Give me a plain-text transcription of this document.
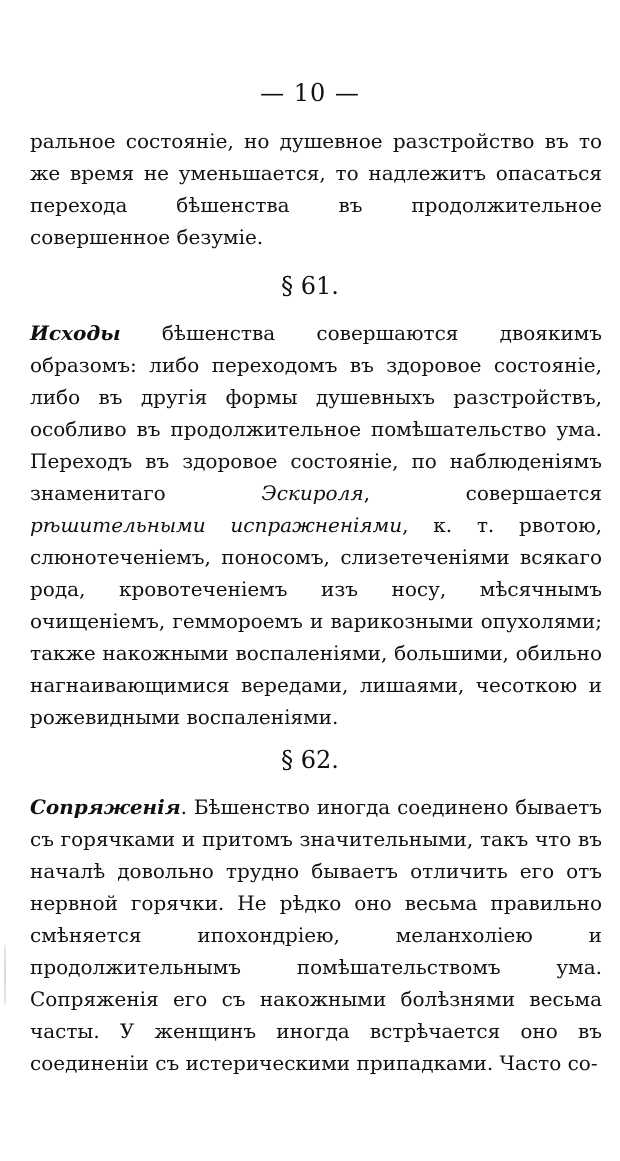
— 10 —

ральное состояніе, но душевное разстройство въ то же время не уменьшается, то надлежитъ опасаться перехода бѣшенства въ продолжительное совершенное безуміе.

§ 61.

Исходы бѣшенства совершаются двоякимъ образомъ: либо переходомъ въ здоровое состояніе, либо въ другія формы душевныхъ разстройствъ, особливо въ продолжительное помѣшательство ума. Переходъ въ здоровое состояніе, по наблюденіямъ знаменитаго Эскироля, совершается рѣшительными испражненіями, к. т. рвотою, слюнотеченіемъ, поносомъ, слизетеченіями всякаго рода, кровотеченіемъ изъ носу, мѣсячнымъ очищеніемъ, геммороемъ и варикозными опухолями; также накожными воспаленіями, большими, обильно нагнаивающимися вередами, лишаями, чесоткою и рожевидными воспаленіями.

§ 62.

Сопряженія. Бѣшенство иногда соединено бываетъ съ горячками и притомъ значительными, такъ что въ началѣ довольно трудно бываетъ отличить его отъ нервной горячки. Не рѣдко оно весьма правильно смѣняется ипохондріею, меланхоліею и продолжительнымъ помѣшательствомъ ума. Сопряженія его съ накожными болѣзнями весьма часты. У женщинъ иногда встрѣчается оно въ соединеніи съ истерическими припадками. Часто со-
